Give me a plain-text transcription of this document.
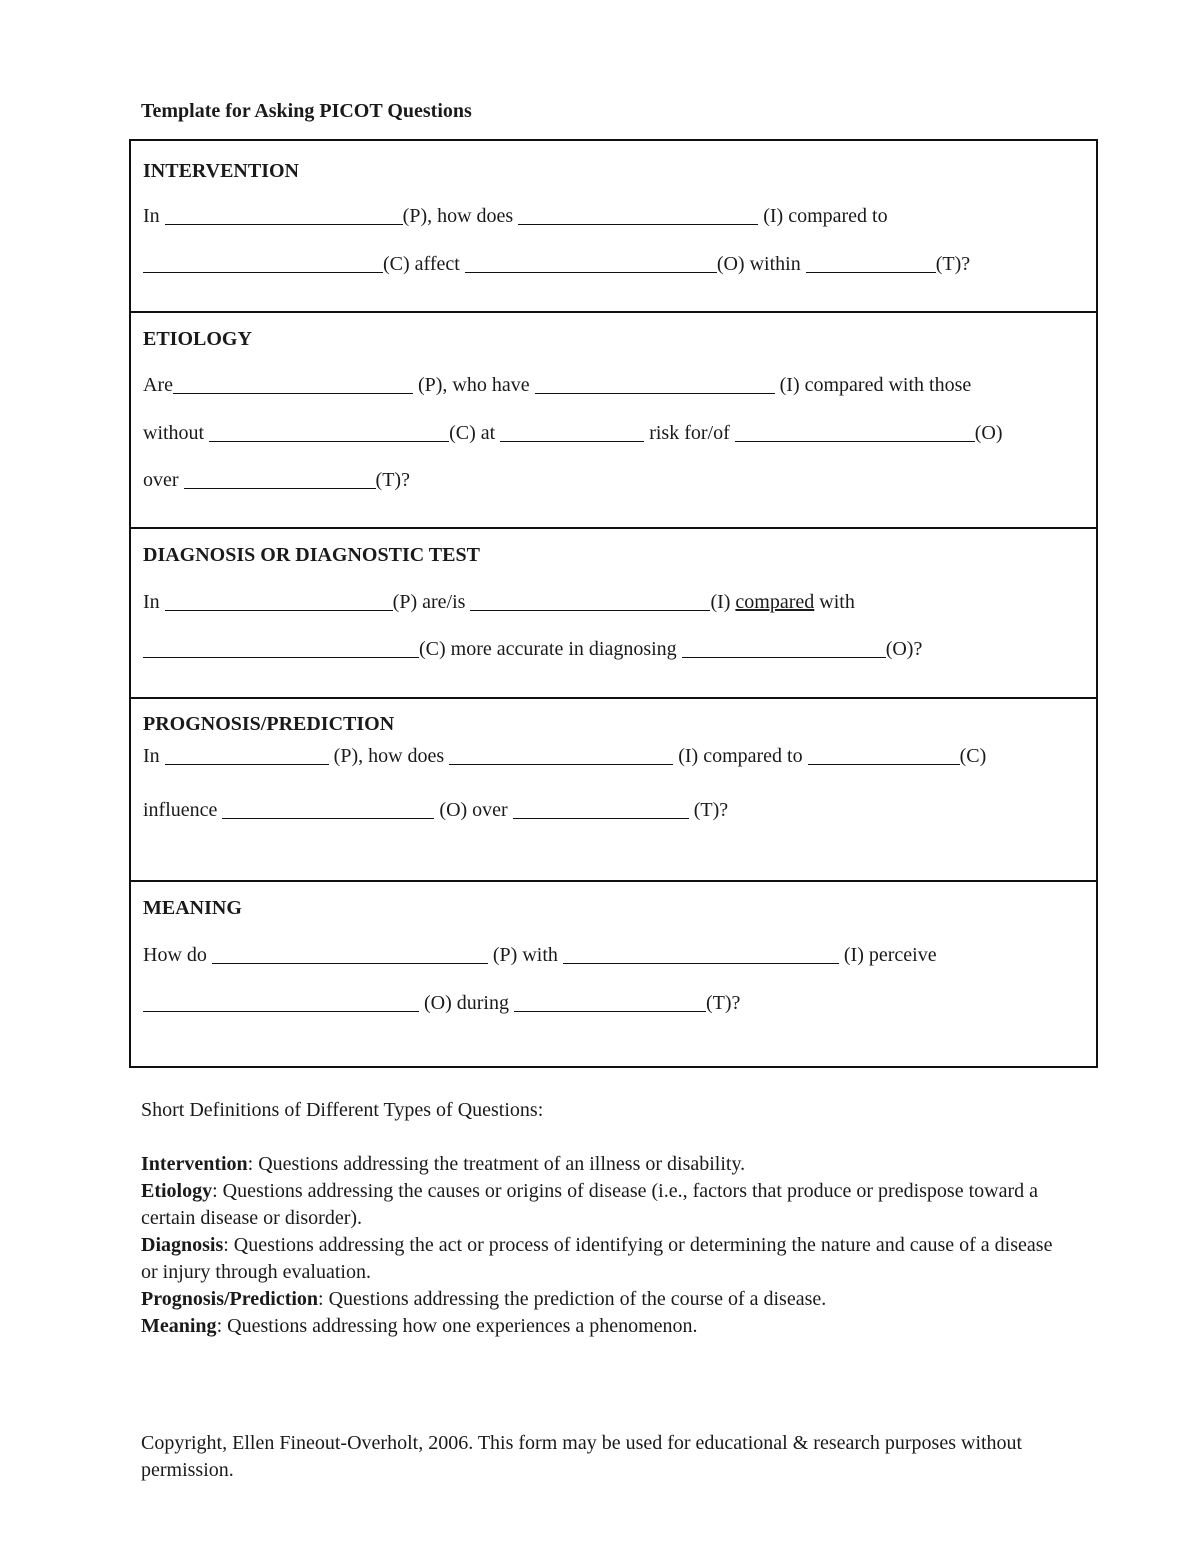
Template for Asking PICOT Questions
INTERVENTION
In	(P), how does	(I) compared to
(C) affect	(O) within	(T)?
ETIOLOGY
Are	(P), who have	(I) compared with those
without	(C) at	risk for/of	(O)
over	(T)?
DIAGNOSIS OR DIAGNOSTIC TEST
In	(P) are/is	(I) compared with
(C) more accurate in diagnosing	(O)?
PROGNOSIS/PREDICTION
In	(P), how does	(I) compared to	(C)
influence	(O) over	(T)?
MEANING
How do	(P) with	(I) perceive
(O) during	(T)?

Short Definitions of Different Types of Questions:

Intervention: Questions addressing the treatment of an illness or disability.

Etiology: Questions addressing the causes or origins of disease (i.e., factors that produce or predispose toward a certain disease or disorder).

Diagnosis: Questions addressing the act or process of identifying or determining the nature and cause of a disease or injury through evaluation.

Prognosis/Prediction: Questions addressing the prediction of the course of a disease.

Meaning: Questions addressing how one experiences a phenomenon.

Copyright, Ellen Fineout-Overholt, 2006. This form may be used for educational & research purposes without permission.
